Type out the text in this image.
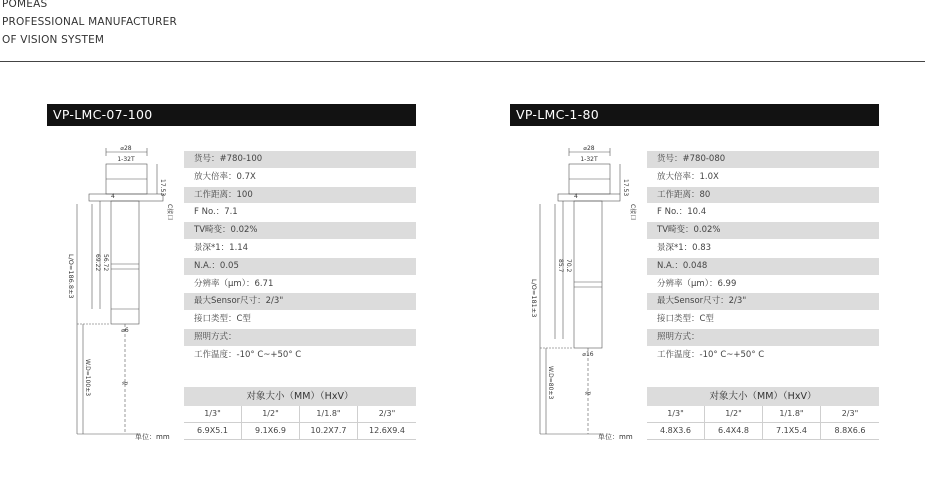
POMEAS
PROFESSIONAL MANUFACTURER
OF VISION SYSTEM
VP-LMC-07-100
⌀28
1-32T
4
17.53
C接口
69.22 56.72
⌀6
L/O=186.8±3
W.D=100±3	≈
货号：#780-100
放大倍率：0.7X
工作距离：100
F No.：7.1
TV畸变：0.02%
景深*1：1.14
N.A.：0.05
分辨率（μm）：6.71
最大Sensor尺寸：2/3"
接口类型：C型
照明方式：
工作温度：-10° C~+50° C
对象大小（MM）（HxV）
1/3"	1/2"	1/1.8"	2/3"
6.9X5.1	9.1X6.9	10.2X7.7	12.6X9.4
单位：mm
VP-LMC-1-80
⌀28
1-32T
4
17.53
C接口
85.7 70.2
⌀16
L/O=181±3
W.D=80±3	≈
货号：#780-080
放大倍率：1.0X
工作距离：80
F No.：10.4
TV畸变：0.02%
景深*1：0.83
N.A.：0.048
分辨率（μm）：6.99
最大Sensor尺寸：2/3"
接口类型：C型
照明方式：
工作温度：-10° C~+50° C
对象大小（MM）（HxV）
1/3"	1/2"	1/1.8"	2/3"
4.8X3.6	6.4X4.8	7.1X5.4	8.8X6.6
单位：mm
